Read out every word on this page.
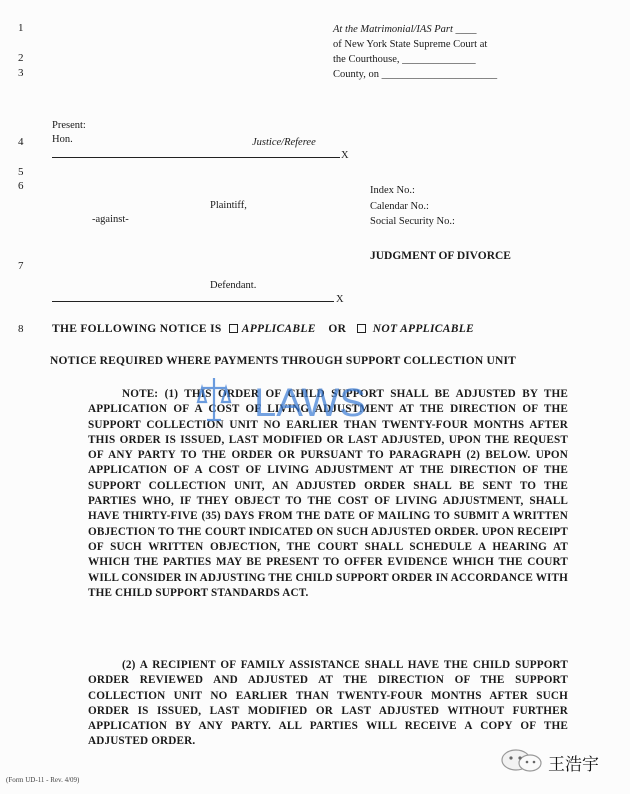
1
2
3
4
5
6
7
8
At the Matrimonial/IAS Part ____
of New York State Supreme Court at
the Courthouse, ______________
County, on ______________________
Present:
Hon.	Justice/Referee
X
Plaintiff,
-against-
Defendant.
X
Index No.:
Calendar No.:
Social Security No.:
JUDGMENT OF DIVORCE
THE FOLLOWING NOTICE IS APPLICABLE OR NOT APPLICABLE
NOTICE REQUIRED WHERE PAYMENTS THROUGH SUPPORT COLLECTION UNIT
NOTE: (1) THIS ORDER OF CHILD SUPPORT SHALL BE ADJUSTED BY THE APPLICATION OF A COST OF LIVING ADJUSTMENT AT THE DIRECTION OF THE SUPPORT COLLECTION UNIT NO EARLIER THAN TWENTY-FOUR MONTHS AFTER THIS ORDER IS ISSUED, LAST MODIFIED OR LAST ADJUSTED, UPON THE REQUEST OF ANY PARTY TO THE ORDER OR PURSUANT TO PARAGRAPH (2) BELOW. UPON APPLICATION OF A COST OF LIVING ADJUSTMENT AT THE DIRECTION OF THE SUPPORT COLLECTION UNIT, AN ADJUSTED ORDER SHALL BE SENT TO THE PARTIES WHO, IF THEY OBJECT TO THE COST OF LIVING ADJUSTMENT, SHALL HAVE THIRTY-FIVE (35) DAYS FROM THE DATE OF MAILING TO SUBMIT A WRITTEN OBJECTION TO THE COURT INDICATED ON SUCH ADJUSTED ORDER. UPON RECEIPT OF SUCH WRITTEN OBJECTION, THE COURT SHALL SCHEDULE A HEARING AT WHICH THE PARTIES MAY BE PRESENT TO OFFER EVIDENCE WHICH THE COURT WILL CONSIDER IN ADJUSTING THE CHILD SUPPORT ORDER IN ACCORDANCE WITH THE CHILD SUPPORT STANDARDS ACT.
(2) A RECIPIENT OF FAMILY ASSISTANCE SHALL HAVE THE CHILD SUPPORT ORDER REVIEWED AND ADJUSTED AT THE DIRECTION OF THE SUPPORT COLLECTION UNIT NO EARLIER THAN TWENTY-FOUR MONTHS AFTER SUCH ORDER IS ISSUED, LAST MODIFIED OR LAST ADJUSTED WITHOUT FURTHER APPLICATION BY ANY PARTY. ALL PARTIES WILL RECEIVE A COPY OF THE ADJUSTED ORDER.
LAWS
(Form UD-11 - Rev. 4/09)
王浩宇
